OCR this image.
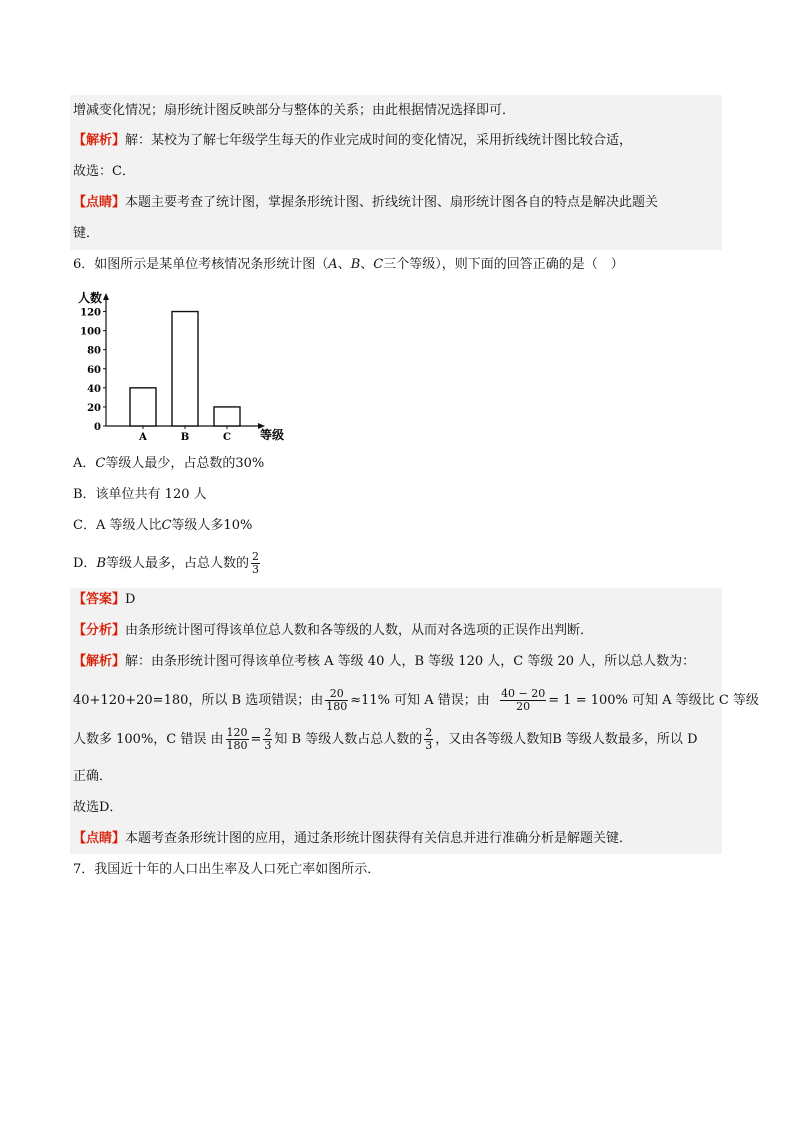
增减变化情况；扇形统计图反映部分与整体的关系；由此根据情况选择即可．
【解析】解：某校为了解七年级学生每天的作业完成时间的变化情况，采用折线统计图比较合适，
故选：C．
【点睛】本题主要考查了统计图，掌握条形统计图、折线统计图、扇形统计图各自的特点是解决此题关
键．
6．如图所示是某单位考核情况条形统计图（A、B、C三个等级），则下面的回答正确的是（　）
0
20
40
60
80
100
120
A	B	C
人数
等级
A．C等级人最少，占总数的30%
B．该单位共有 120 人
C．A 等级人比C等级人多10%
D．B等级人最多，占总人数的 $\frac{2}{3}$
【答案】D
【分析】由条形统计图可得该单位总人数和各等级的人数，从而对各选项的正误作出判断．
【解析】解：由条形统计图可得该单位考核 A 等级 40 人，B 等级 120 人，C 等级 20 人，所以总人数为：
40+120+20=180，所以 B 选项错误；由 $\frac{20}{180} \approx 11\%$ 可知 A 错误；由 $\frac{40 - 20}{20} = 1 = 100\%$ 可知 A 等级比 C 等级
人数多 100%，C 错误 由 $\frac{120}{180} = \frac{2}{3}$ 知 B 等级人数占总人数的 $\frac{2}{3}$ ，又由各等级人数知B 等级人数最多，所以 D
正确．
故选D．
【点睛】本题考查条形统计图的应用，通过条形统计图获得有关信息并进行准确分析是解题关键．
7．我国近十年的人口出生率及人口死亡率如图所示．
